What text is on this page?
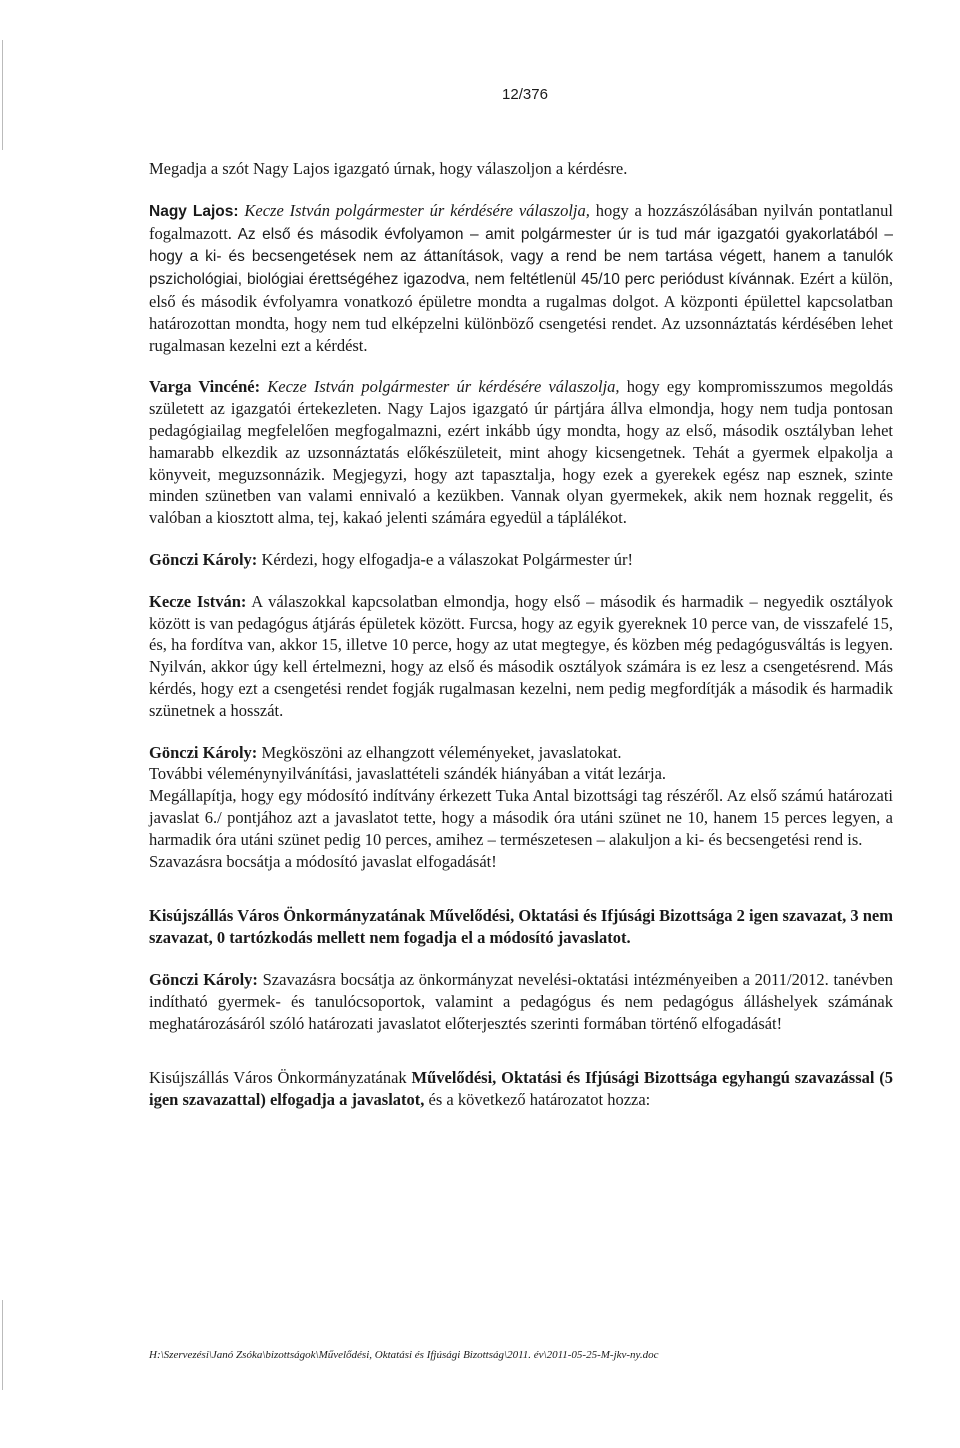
12/376

Megadja a szót Nagy Lajos igazgató úrnak, hogy válaszoljon a kérdésre.

Nagy Lajos: Kecze István polgármester úr kérdésére válaszolja, hogy a hozzászólásában nyilván pontatlanul fogalmazott. Az első és második évfolyamon – amit polgármester úr is tud már igazgatói gyakorlatából – hogy a ki- és becsengetések nem az áttanítások, vagy a rend be nem tartása végett, hanem a tanulók pszichológiai, biológiai érettségéhez igazodva, nem feltétlenül 45/10 perc periódust kívánnak. Ezért a külön, első és második évfolyamra vonatkozó épületre mondta a rugalmas dolgot. A központi épülettel kapcsolatban határozottan mondta, hogy nem tud elképzelni különböző csengetési rendet. Az uzsonnáztatás kérdésében lehet rugalmasan kezelni ezt a kérdést.

Varga Vincéné: Kecze István polgármester úr kérdésére válaszolja, hogy egy kompromisszumos megoldás született az igazgatói értekezleten. Nagy Lajos igazgató úr pártjára állva elmondja, hogy nem tudja pontosan pedagógiailag megfelelően megfogalmazni, ezért inkább úgy mondta, hogy az első, második osztályban lehet hamarabb elkezdik az uzsonnáztatás előkészületeit, mint ahogy kicsengetnek. Tehát a gyermek elpakolja a könyveit, meguzsonnázik. Megjegyzi, hogy azt tapasztalja, hogy ezek a gyerekek egész nap esznek, szinte minden szünetben van valami ennivaló a kezükben. Vannak olyan gyermekek, akik nem hoznak reggelit, és valóban a kiosztott alma, tej, kakaó jelenti számára egyedül a táplálékot.

Gönczi Károly: Kérdezi, hogy elfogadja-e a válaszokat Polgármester úr!

Kecze István: A válaszokkal kapcsolatban elmondja, hogy első – második és harmadik – negyedik osztályok között is van pedagógus átjárás épületek között. Furcsa, hogy az egyik gyereknek 10 perce van, de visszafelé 15, és, ha fordítva van, akkor 15, illetve 10 perce, hogy az utat megtegye, és közben még pedagógusváltás is legyen. Nyilván, akkor úgy kell értelmezni, hogy az első és második osztályok számára is ez lesz a csengetésrend. Más kérdés, hogy ezt a csengetési rendet fogják rugalmasan kezelni, nem pedig megfordítják a második és harmadik szünetnek a hosszát.

Gönczi Károly: Megköszöni az elhangzott véleményeket, javaslatokat.
További véleménynyilvánítási, javaslattételi szándék hiányában a vitát lezárja.
Megállapítja, hogy egy módosító indítvány érkezett Tuka Antal bizottsági tag részéről. Az első számú határozati javaslat 6./ pontjához azt a javaslatot tette, hogy a második óra utáni szünet ne 10, hanem 15 perces legyen, a harmadik óra utáni szünet pedig 10 perces, amihez – természetesen – alakuljon a ki- és becsengetési rend is.
Szavazásra bocsátja a módosító javaslat elfogadását!

Kisújszállás Város Önkormányzatának Művelődési, Oktatási és Ifjúsági Bizottsága 2 igen szavazat, 3 nem szavazat, 0 tartózkodás mellett nem fogadja el a módosító javaslatot.

Gönczi Károly: Szavazásra bocsátja az önkormányzat nevelési-oktatási intézményeiben a 2011/2012. tanévben indítható gyermek- és tanulócsoportok, valamint a pedagógus és nem pedagógus álláshelyek számának meghatározásáról szóló határozati javaslatot előterjesztés szerinti formában történő elfogadását!

Kisújszállás Város Önkormányzatának Művelődési, Oktatási és Ifjúsági Bizottsága egyhangú szavazással (5 igen szavazattal) elfogadja a javaslatot, és a következő határozatot hozza:

H:\Szervezési\Janó Zsóka\bizottságok\Művelődési, Oktatási és Ifjúsági Bizottság\2011. év\2011-05-25-M-jkv-ny.doc
